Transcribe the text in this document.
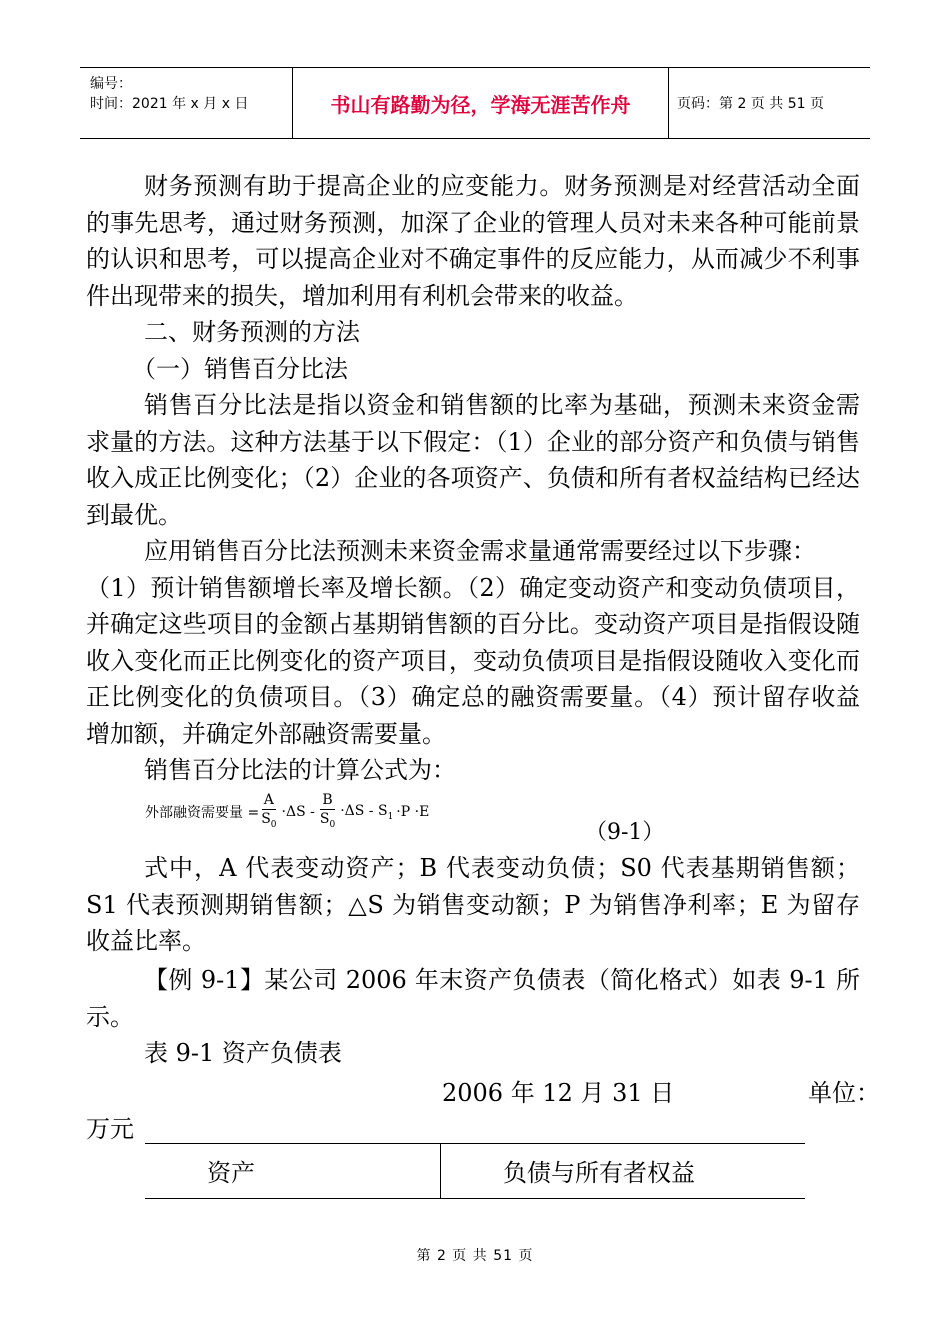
编号：
时间：2021 年 x 月 x 日	书山有路勤为径，学海无涯苦作舟	页码：第 2 页 共 51 页

财务预测有助于提高企业的应变能力。财务预测是对经营活动全面的事先思考，通过财务预测，加深了企业的管理人员对未来各种可能前景的认识和思考，可以提高企业对不确定事件的反应能力，从而减少不利事件出现带来的损失，增加利用有利机会带来的收益。

二、财务预测的方法

（一）销售百分比法

销售百分比法是指以资金和销售额的比率为基础，预测未来资金需求量的方法。这种方法基于以下假定：（1）企业的部分资产和负债与销售收入成正比例变化；（2）企业的各项资产、负债和所有者权益结构已经达到最优。

应用销售百分比法预测未来资金需求量通常需要经过以下步骤：

（1）预计销售额增长率及增长额。（2）确定变动资产和变动负债项目，并确定这些项目的金额占基期销售额的百分比。变动资产项目是指假设随收入变化而正比例变化的资产项目，变动负债项目是指假设随收入变化而正比例变化的负债项目。（3）确定总的融资需要量。（4）预计留存收益增加额，并确定外部融资需要量。

销售百分比法的计算公式为：

外部融资需要量 = $\frac{A}{S_0} \cdot\Delta S - \frac{B}{S_0} \cdot\Delta S - S_1 \cdot P \cdot E$
（9-1）
式中，A 代表变动资产；B 代表变动负债；S0 代表基期销售额；S1 代表预测期销售额；△S 为销售变动额；P 为销售净利率；E 为留存收益比率。
【例 9-1】某公司 2006 年末资产负债表（简化格式）如表 9-1 所示。
表 9-1 资产负债表
2006 年 12 月 31 日	单位：
万元
资产	负债与所有者权益
第 2 页 共 51 页
